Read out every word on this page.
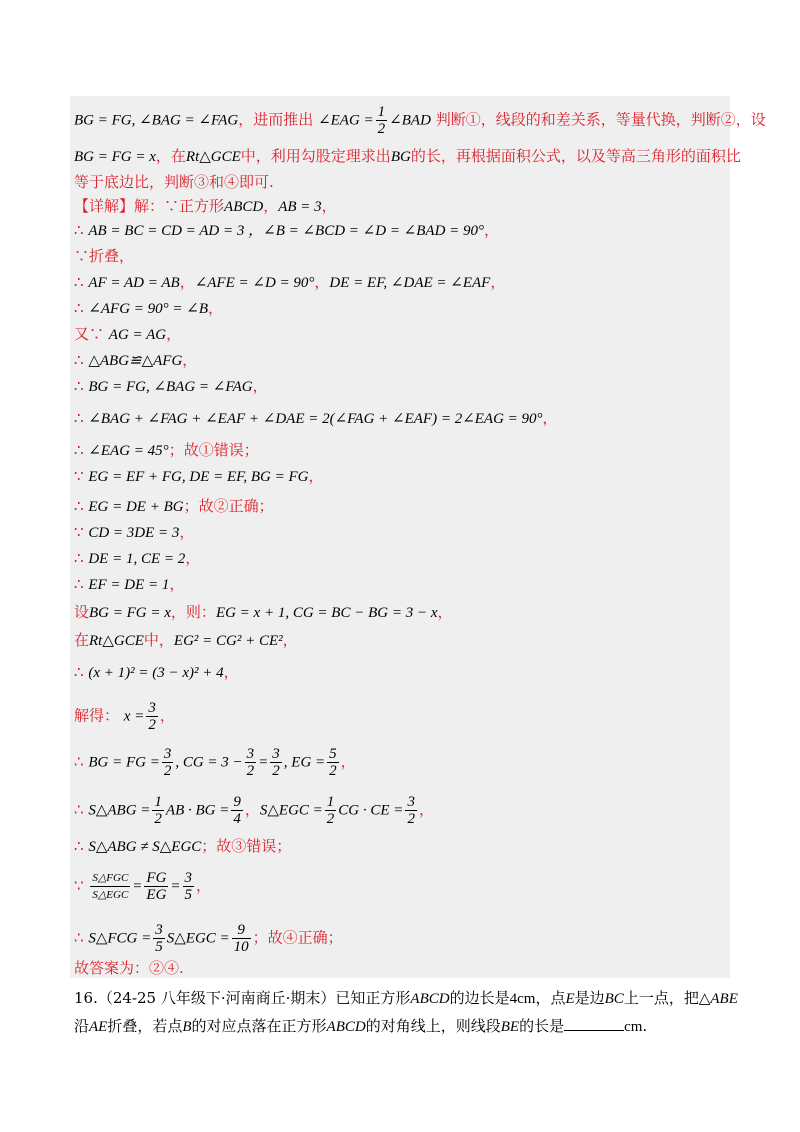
BG = FG, ∠BAG = ∠FAG，进而推出 ∠EAG = $\frac{1}{2}$ ∠BAD 判断①，线段的和差关系，等量代换，判断②，设
BG = FG = x，在Rt△GCE中，利用勾股定理求出BG的长，再根据面积公式，以及等高三角形的面积比
等于底边比，判断③和④即可.
【详解】解：∵正方形ABCD，AB = 3，
∴ AB = BC = CD = AD = 3 ，∠B = ∠BCD = ∠D = ∠BAD = 90°，
∵折叠，
∴ AF = AD = AB，∠AFE = ∠D = 90°，DE = EF, ∠DAE = ∠EAF，
∴ ∠AFG = 90° = ∠B，
又∵ AG = AG，
∴ △ABG≌△AFG，
∴ BG = FG, ∠BAG = ∠FAG，
∴ ∠BAG + ∠FAG + ∠EAF + ∠DAE = 2(∠FAG + ∠EAF) = 2∠EAG = 90°，
∴ ∠EAG = 45°；故①错误；
∵ EG = EF + FG, DE = EF, BG = FG，
∴ EG = DE + BG；故②正确；
∵ CD = 3DE = 3，
∴ DE = 1, CE = 2，
∴ EF = DE = 1，
设BG = FG = x，则：EG = x + 1, CG = BC − BG = 3 − x，
在Rt△GCE中，EG² = CG² + CE²，
∴ (x + 1)² = (3 − x)² + 4，
解得： $x = \frac{3}{2}$ ，
∴ BG = FG = $\frac{3}{2}$ , CG = $3 - \frac{3}{2} = \frac{3}{2}$ , EG = $\frac{5}{2}$ ，
∴ S△ABG = $\frac{1}{2}$ AB · BG = $\frac{9}{4}$ ，S△EGC = $\frac{1}{2}$ CG · CE = $\frac{3}{2}$ ，
∴ S△ABG ≠ S△EGC；故③错误；
∵ $\frac{\text{S△FGC}}{\text{S△EGC}} = \frac{FG}{EG} = \frac{3}{5}$ ，
∴ S△FCG = $\frac{3}{5}$ S△EGC = $\frac{9}{10}$ ；故④正确；
故答案为：②④.
16.（24-25 八年级下·河南商丘·期末）已知正方形ABCD的边长是4cm，点E是边BC上一点，把△ABE
沿AE折叠，若点B的对应点落在正方形ABCD的对角线上，则线段BE的长是	cm.
